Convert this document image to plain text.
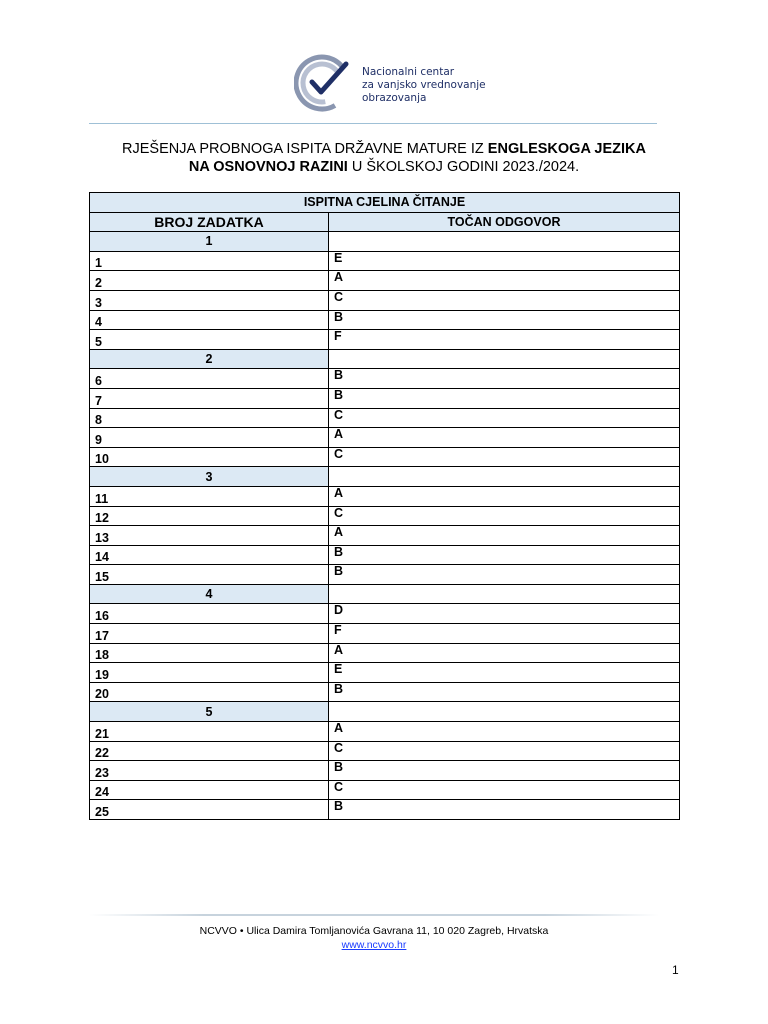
Nacionalni centar
za vanjsko vrednovanje
obrazovanja
RJEŠENJA PROBNOGA ISPITA DRŽAVNE MATURE IZ ENGLESKOGA JEZIKA
NA OSNOVNOJ RAZINI U ŠKOLSKOJ GODINI 2023./2024.
ISPITNA CJELINA ČITANJE	
BROJ ZADATKA	TOČAN ODGOVOR
1	
1	E
2	A
3	C
4	B
5	F
2	
6	B
7	B
8	C
9	A
10	C
3	
11	A
12	C
13	A
14	B
15	B
4	
16	D
17	F
18	A
19	E
20	B
5	
21	A
22	C
23	B
24	C
25	B
NCVVO • Ulica Damira Tomljanovića Gavrana 11, 10 020 Zagreb, Hrvatska
www.ncvvo.hr
1
